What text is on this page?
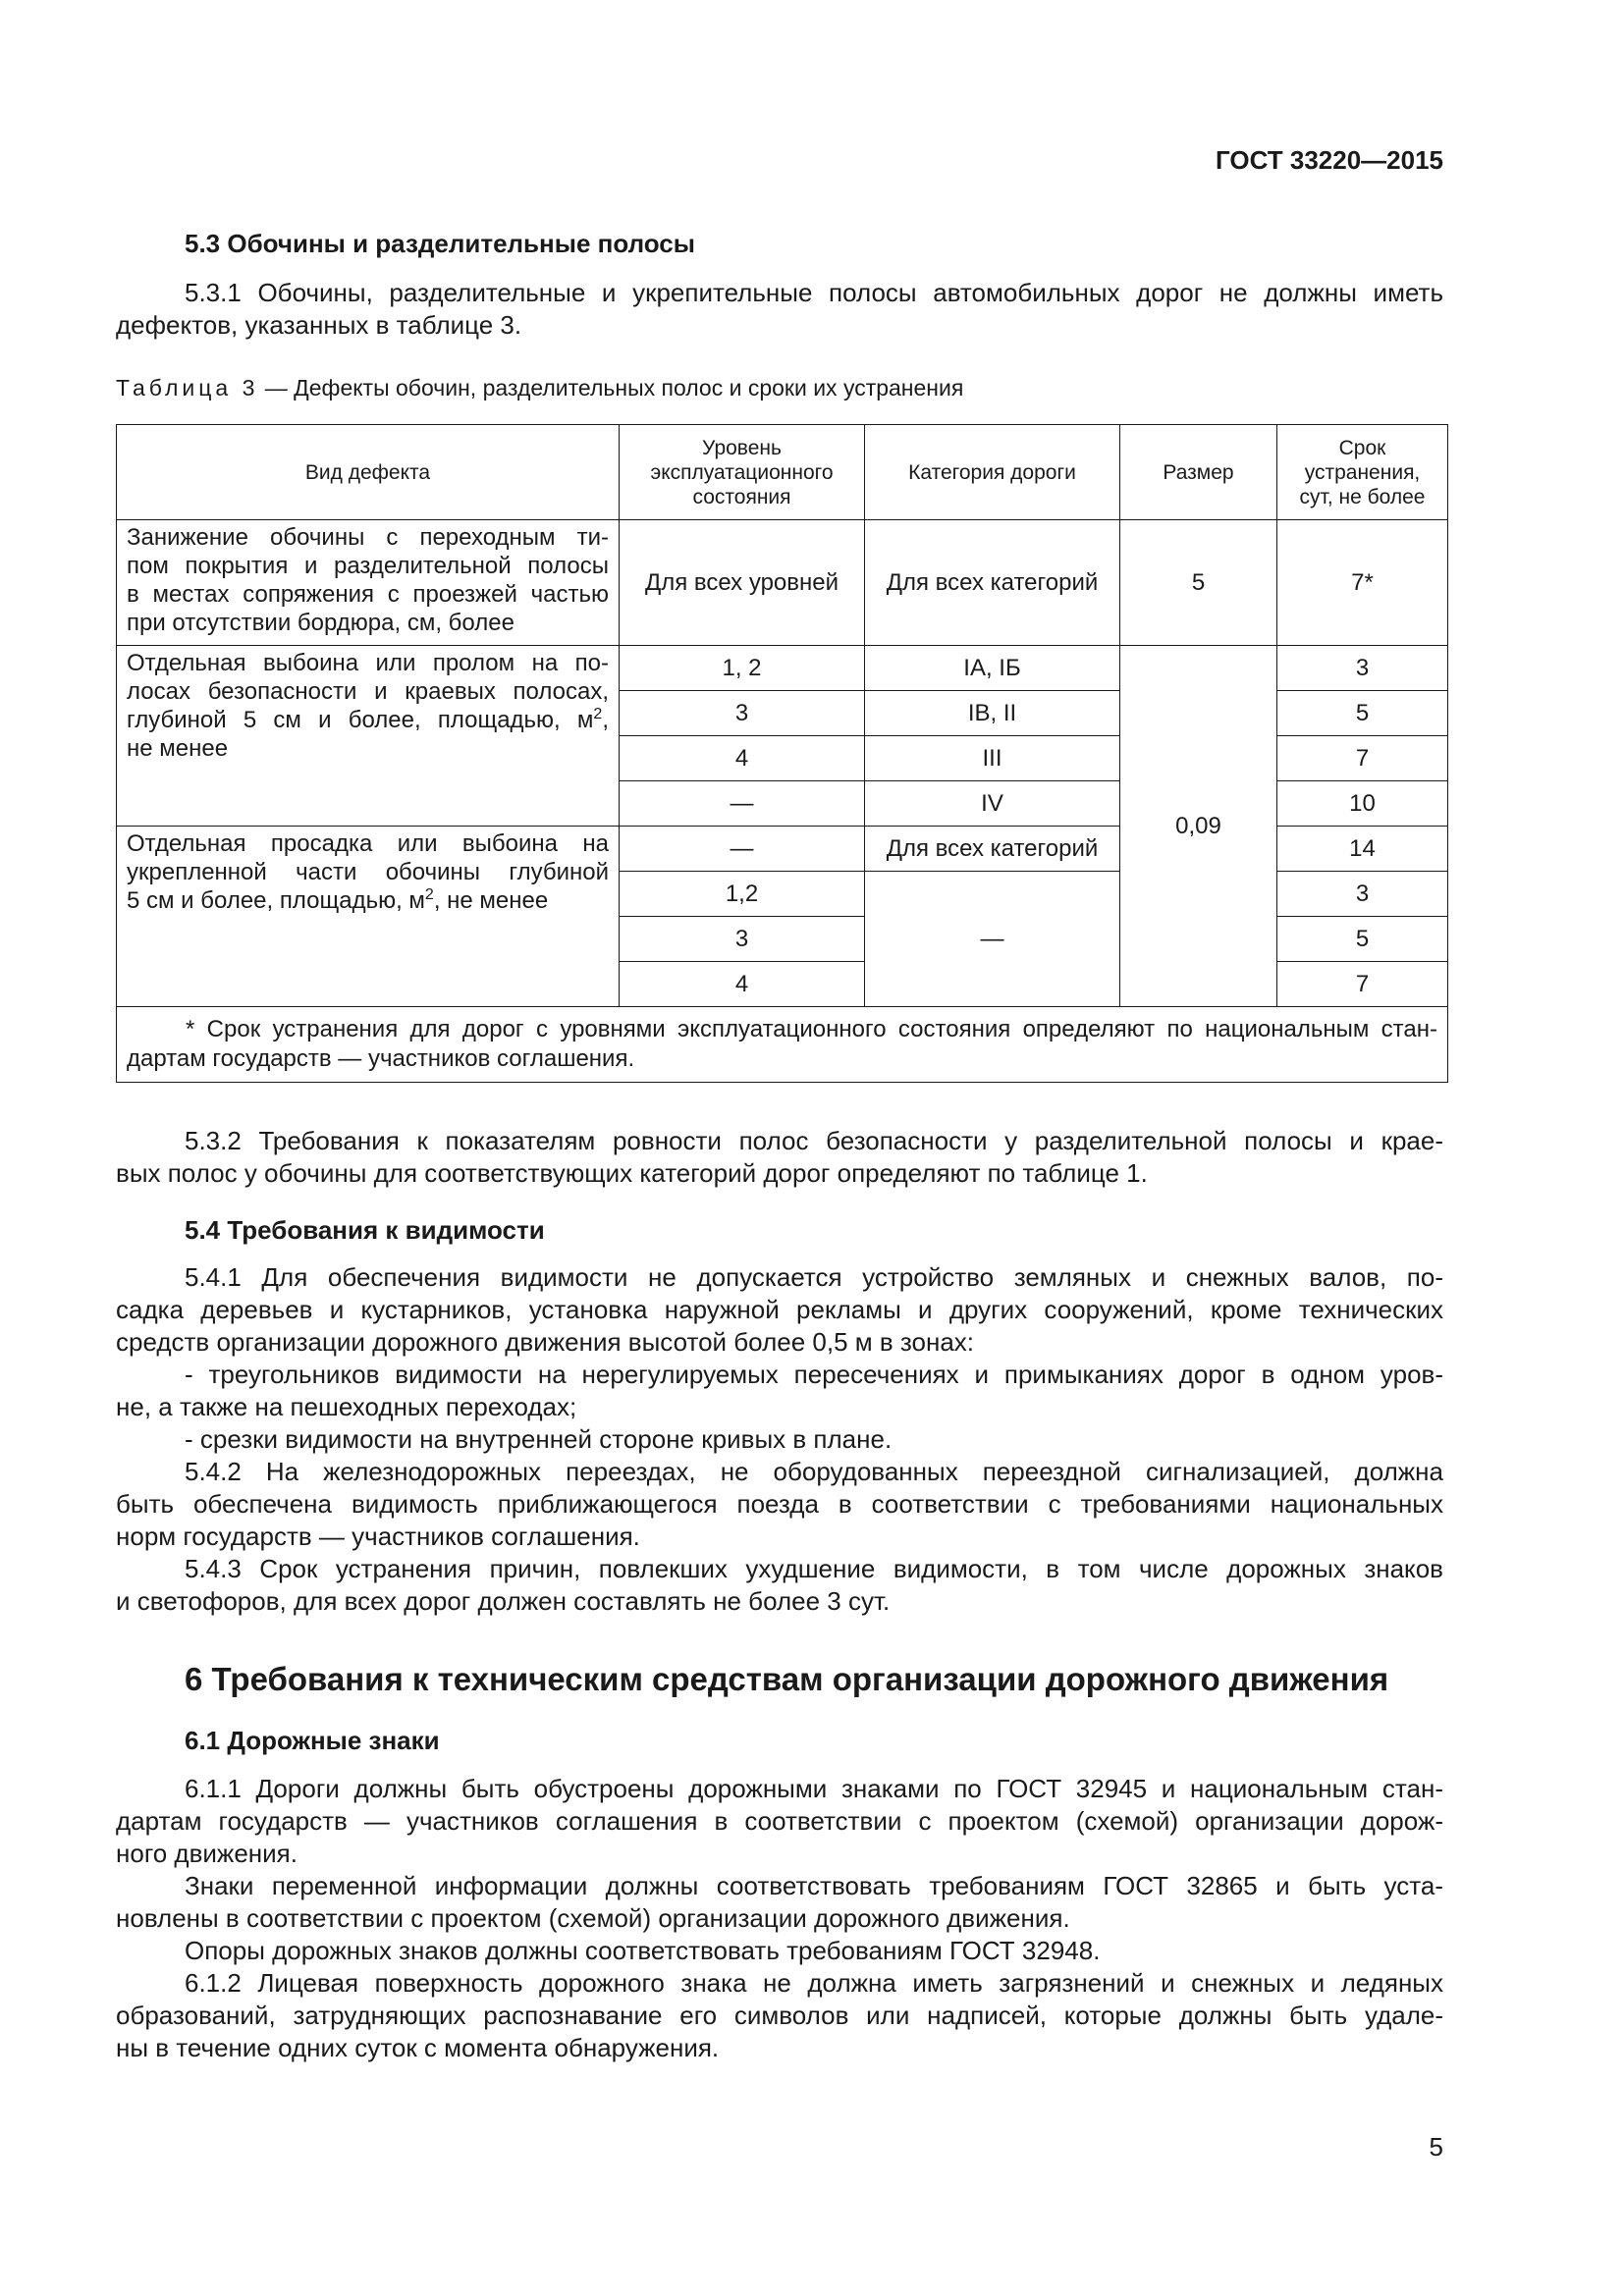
ГОСТ 33220—2015
5.3 Обочины и разделительные полосы
5.3.1 Обочины, разделительные и укрепительные полосы автомобильных дорог не должны иметь
дефектов, указанных в таблице 3.
Таблица 3 — Дефекты обочин, разделительных полос и сроки их устранения
Вид дефекта	Уровень эксплуатационного состояния	Категория дороги	Размер	Срок устранения, сут, не более

Занижение обочины с переходным ти-
пом покрытия и разделительной полосы
в местах сопряжения с проезжей частью
при отсутствии бордюра, см, более	Для всех уровней	Для всех категорий	5	7*

Отдельная выбоина или пролом на по-
лосах безопасности и краевых полосах,
глубиной 5 см и более, площадью, $м^2$,
не менее	1, 2	IА, IБ	0,09	3
	3	IВ, II		5
	4	III		7
	—	IV		10

Отдельная просадка или выбоина на
укрепленной части обочины глубиной
5 см и более, площадью, $м^2$, не менее	—	Для всех категорий		14
	1,2	—		3
	3			5
	4			7

* Срок устранения для дорог с уровнями эксплуатационного состояния определяют по национальным стан-
дартам государств — участников соглашения.				
5.3.2 Требования к показателям ровности полос безопасности у разделительной полосы и крае-
вых полос у обочины для соответствующих категорий дорог определяют по таблице 1.
5.4 Требования к видимости
5.4.1 Для обеспечения видимости не допускается устройство земляных и снежных валов, по-
садка деревьев и кустарников, установка наружной рекламы и других сооружений, кроме технических
средств организации дорожного движения высотой более 0,5 м в зонах:
- треугольников видимости на нерегулируемых пересечениях и примыканиях дорог в одном уров-
не, а также на пешеходных переходах;
- срезки видимости на внутренней стороне кривых в плане.
5.4.2 На железнодорожных переездах, не оборудованных переездной сигнализацией, должна
быть обеспечена видимость приближающегося поезда в соответствии с требованиями национальных
норм государств — участников соглашения.
5.4.3 Срок устранения причин, повлекших ухудшение видимости, в том числе дорожных знаков
и светофоров, для всех дорог должен составлять не более 3 сут.
6 Требования к техническим средствам организации дорожного движения
6.1 Дорожные знаки
6.1.1 Дороги должны быть обустроены дорожными знаками по ГОСТ 32945 и национальным стан-
дартам государств — участников соглашения в соответствии с проектом (схемой) организации дорож-
ного движения.
Знаки переменной информации должны соответствовать требованиям ГОСТ 32865 и быть уста-
новлены в соответствии с проектом (схемой) организации дорожного движения.
Опоры дорожных знаков должны соответствовать требованиям ГОСТ 32948.
6.1.2 Лицевая поверхность дорожного знака не должна иметь загрязнений и снежных и ледяных
образований, затрудняющих распознавание его символов или надписей, которые должны быть удале-
ны в течение одних суток с момента обнаружения.
5
